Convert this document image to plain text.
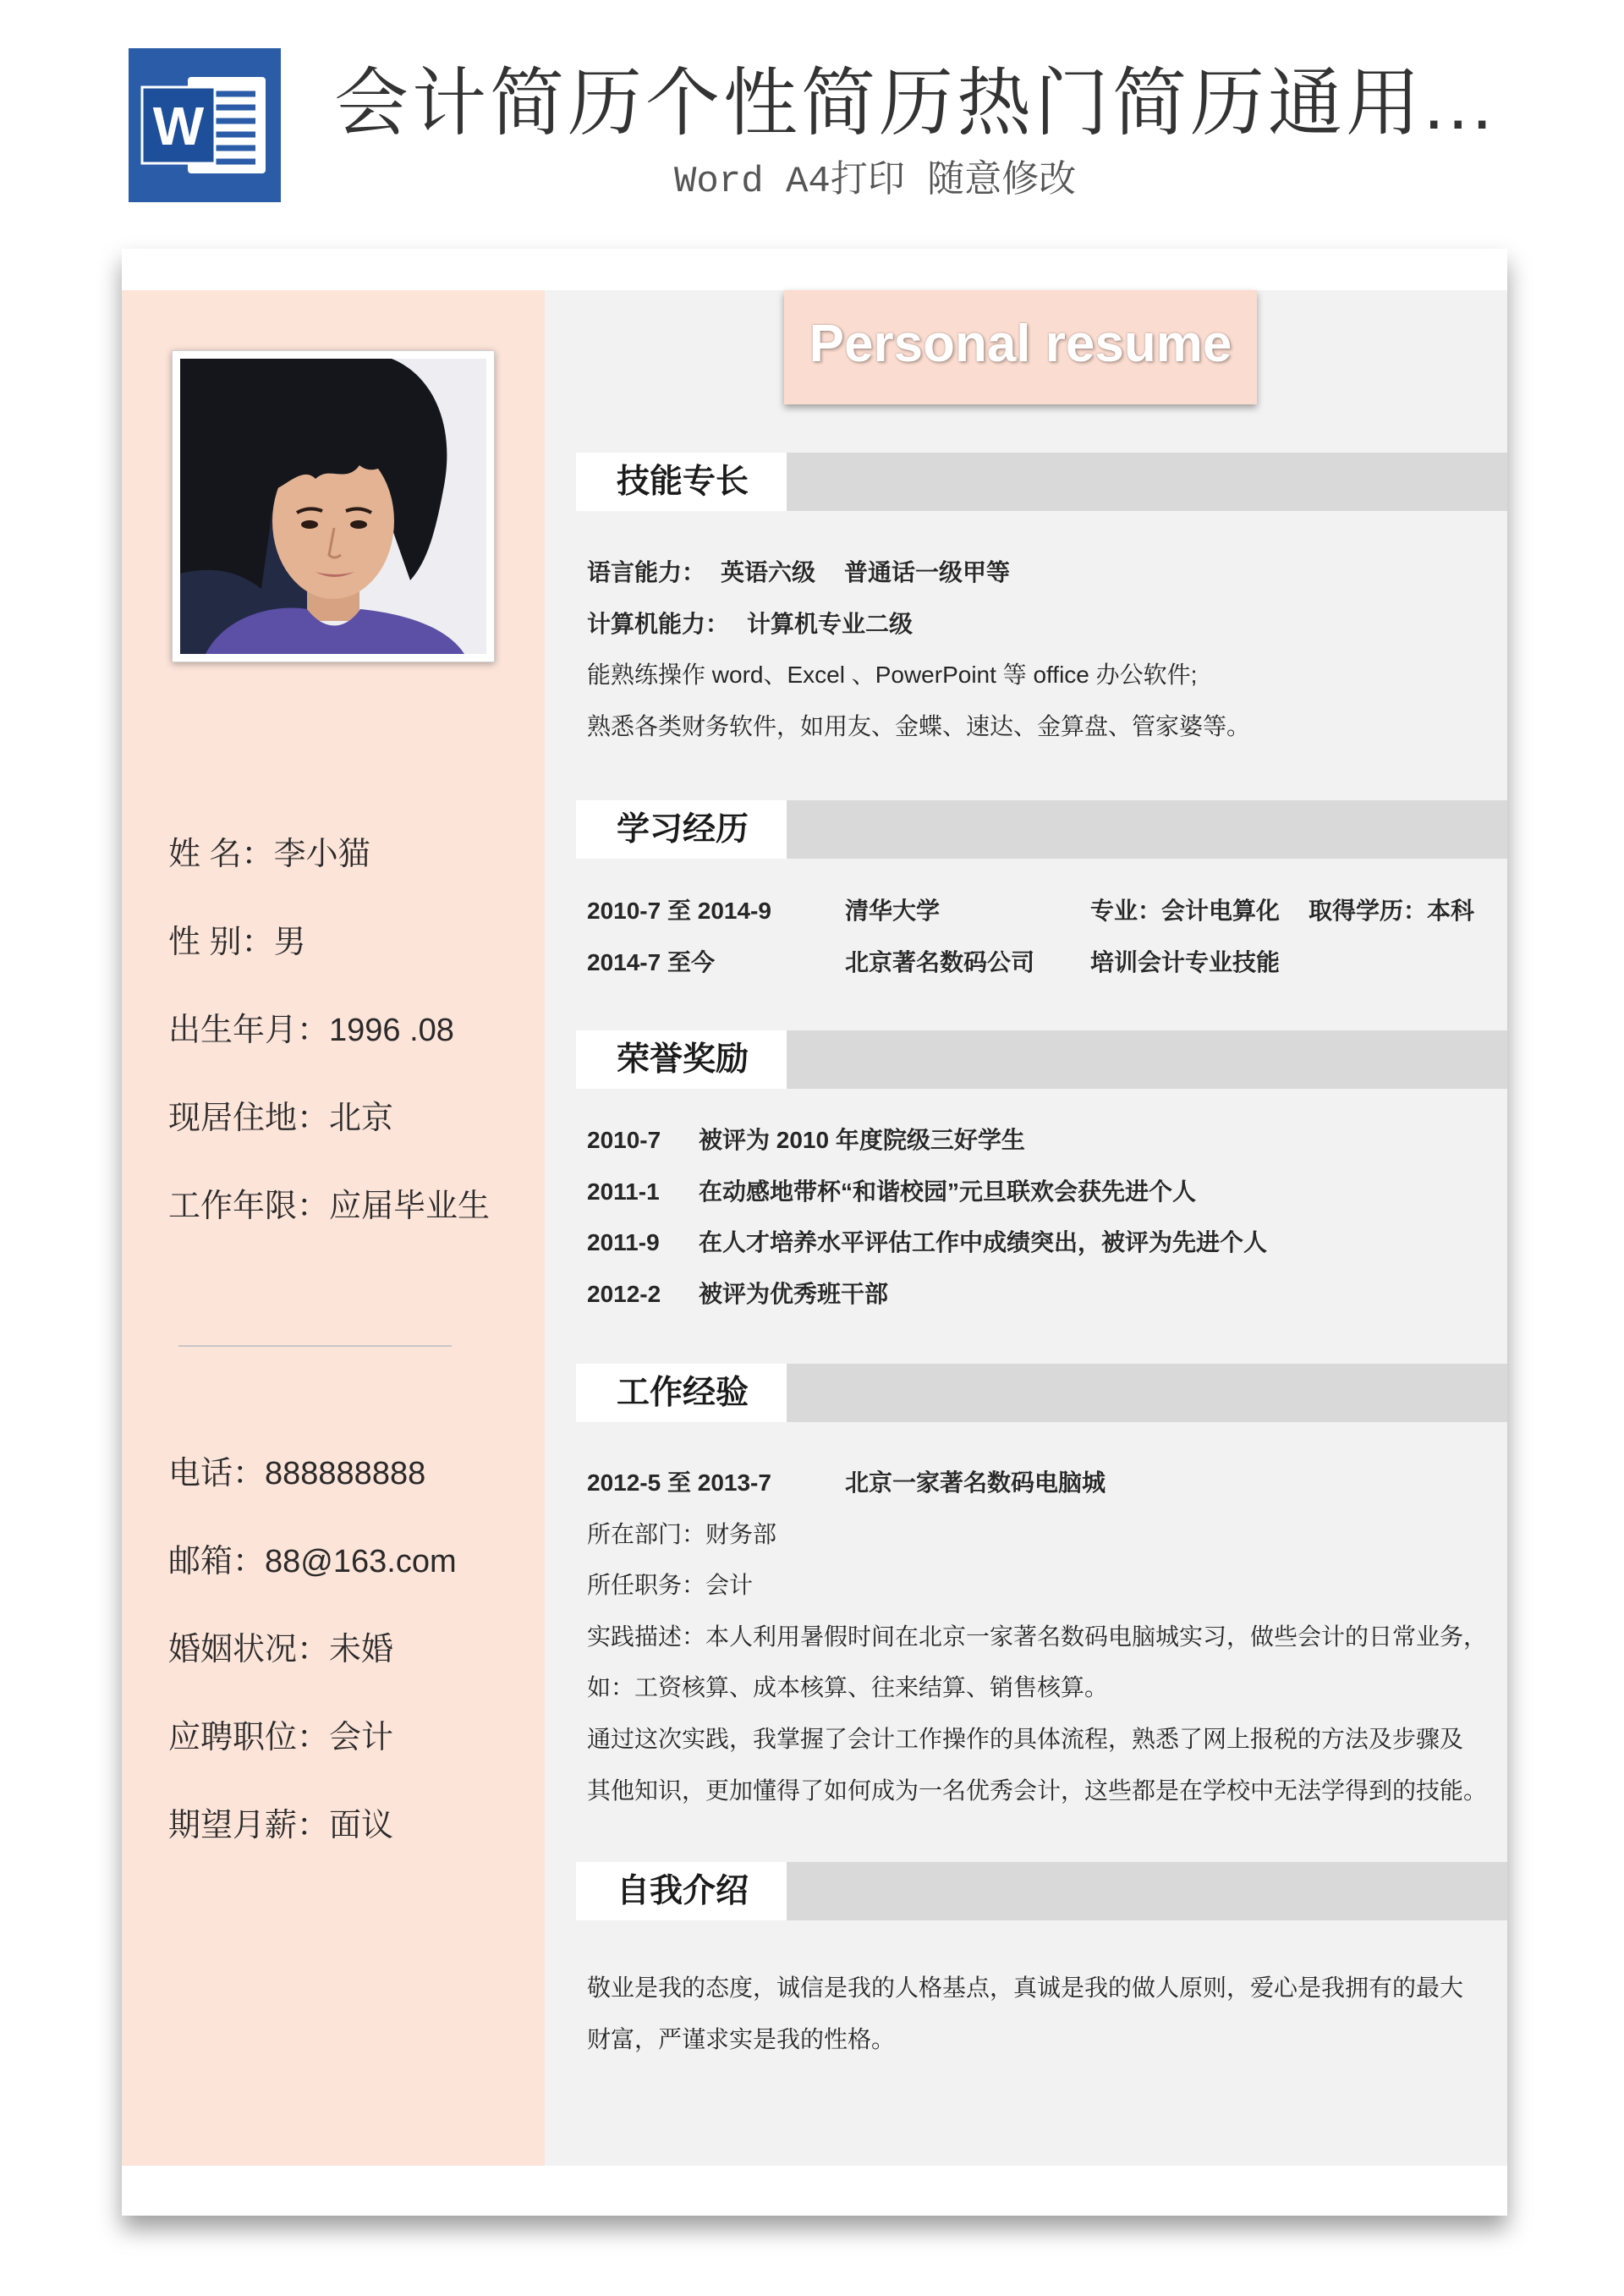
W 会计简历个性简历热门简历通用...
Word A4打印 随意修改
姓 名：李小猫
性 别：男
出生年月：1996 .08
现居住地：北京
工作年限：应届毕业生
电话：888888888
邮箱：88@163.com
婚姻状况：未婚
应聘职位：会计
期望月薪：面议
Personal resume
技能专长
语言能力： 英语六级 普通话一级甲等
计算机能力： 计算机专业二级
能熟练操作 word、Excel 、PowerPoint 等 office 办公软件;
熟悉各类财务软件，如用友、金蝶、速达、金算盘、管家婆等。
学习经历
2010-7 至 2014-9	清华大学	专业：会计电算化 取得学历：本科
2014-7 至今	北京著名数码公司 培训会计专业技能
荣誉奖励
2010-7 被评为 2010 年度院级三好学生
2011-1 在动感地带杯“和谐校园”元旦联欢会获先进个人
2011-9 在人才培养水平评估工作中成绩突出，被评为先进个人
2012-2 被评为优秀班干部
工作经验
2012-5 至 2013-7	北京一家著名数码电脑城
所在部门：财务部
所任职务：会计
实践描述：本人利用暑假时间在北京一家著名数码电脑城实习，做些会计的日常业务，
如：工资核算、成本核算、往来结算、销售核算。
通过这次实践，我掌握了会计工作操作的具体流程，熟悉了网上报税的方法及步骤及
其他知识，更加懂得了如何成为一名优秀会计，这些都是在学校中无法学得到的技能。
自我介绍
敬业是我的态度，诚信是我的人格基点，真诚是我的做人原则，爱心是我拥有的最大
财富，严谨求实是我的性格。
